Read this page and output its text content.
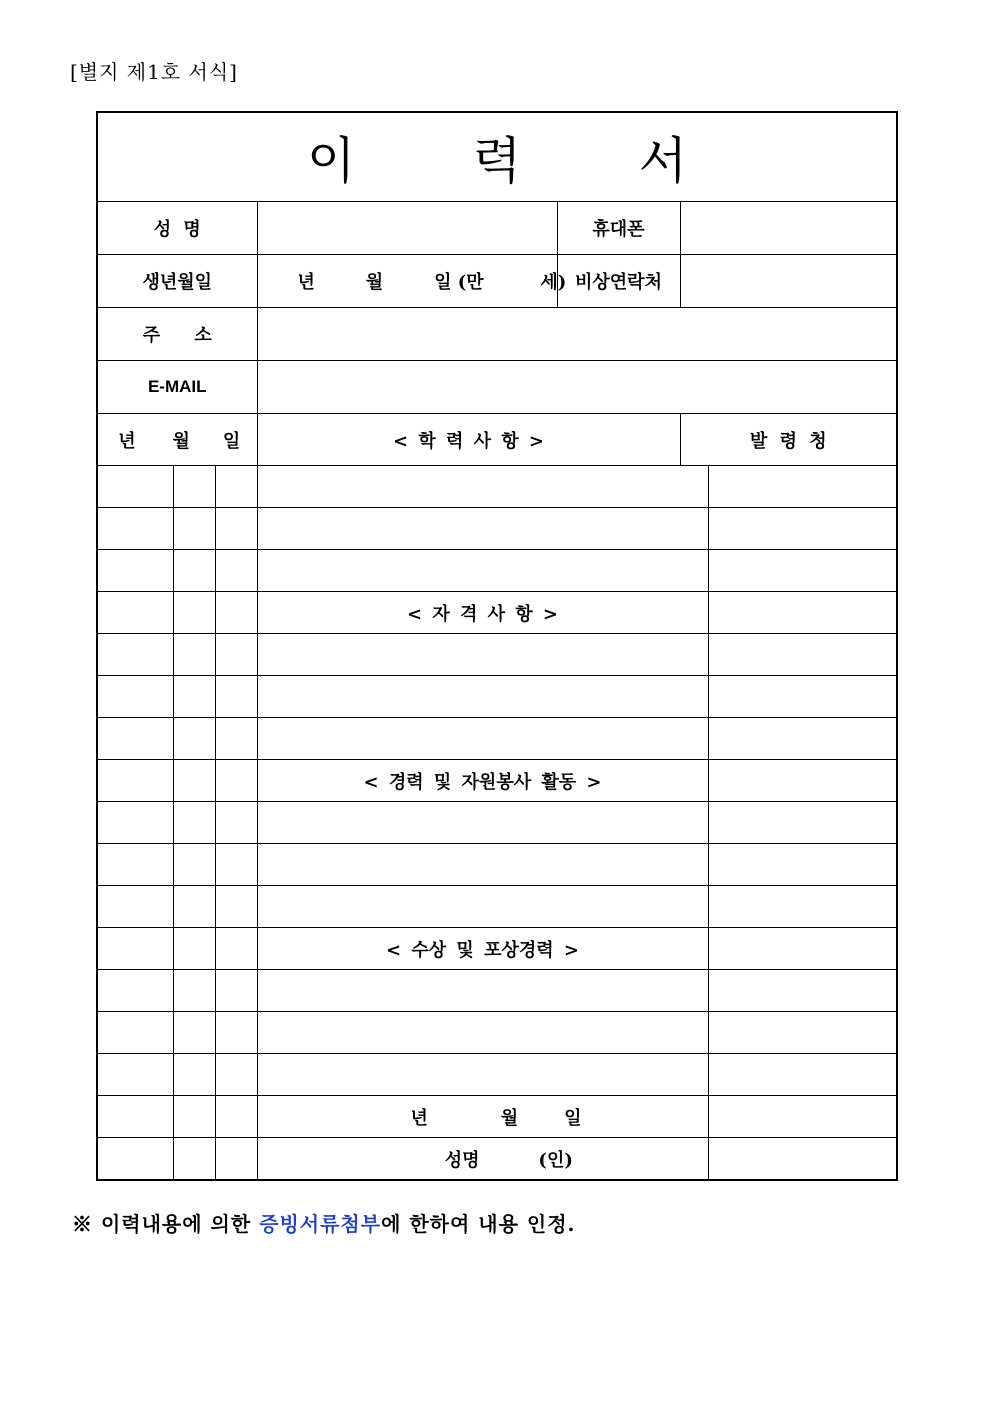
[별지 제1호 서식]
이 력 서						

성 명				휴대폰		
생년월일			년 월 일 (만 세)	비상연락처		
주 소						
E-MAIL						
년 월 일			< 학 력 사 항 >		발 령 청	

			< 자 격 사 항 >			

			< 경력 및 자원봉사 활동 >			

			< 수상 및 포상경력 >			

			년 월 일			
			성명 (인)			
※ 이력내용에 의한 증빙서류첨부에 한하여 내용 인정.
